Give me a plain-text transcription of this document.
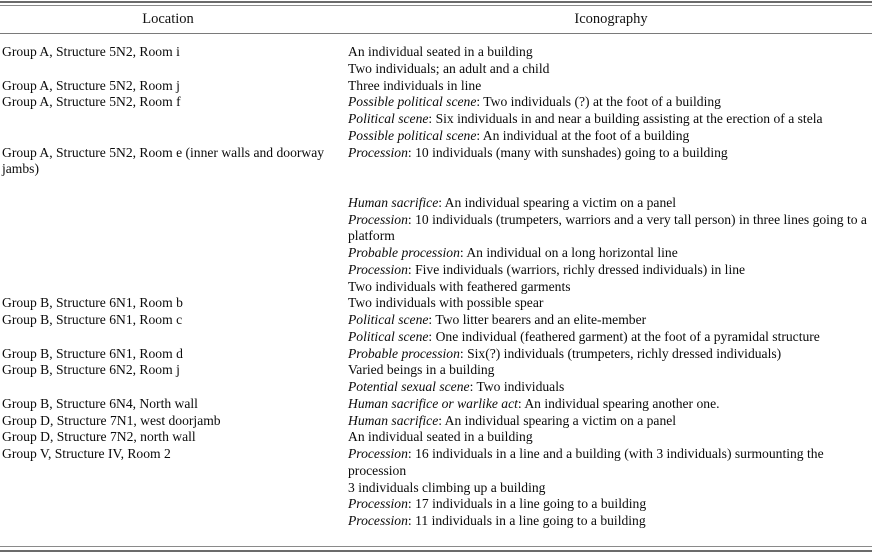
Location	Iconography
Group A, Structure 5N2, Room i	An individual seated in a building
Two individuals; an adult and a child
Group A, Structure 5N2, Room j	Three individuals in line
Group A, Structure 5N2, Room f	Possible political scene: Two individuals (?) at the foot of a building
Political scene: Six individuals in and near a building assisting at the erection of a stela
Possible political scene: An individual at the foot of a building
Group A, Structure 5N2, Room e (inner walls and doorway	Procession: 10 individuals (many with sunshades) going to a building
jambs)
Human sacrifice: An individual spearing a victim on a panel
Procession: 10 individuals (trumpeters, warriors and a very tall person) in three lines going to a
platform
Probable procession: An individual on a long horizontal line
Procession: Five individuals (warriors, richly dressed individuals) in line
Two individuals with feathered garments
Group B, Structure 6N1, Room b	Two individuals with possible spear
Group B, Structure 6N1, Room c	Political scene: Two litter bearers and an elite-member
Political scene: One individual (feathered garment) at the foot of a pyramidal structure
Group B, Structure 6N1, Room d	Probable procession: Six(?) individuals (trumpeters, richly dressed individuals)
Group B, Structure 6N2, Room j	Varied beings in a building
Potential sexual scene: Two individuals
Group B, Structure 6N4, North wall	Human sacrifice or warlike act: An individual spearing another one.
Group D, Structure 7N1, west doorjamb	Human sacrifice: An individual spearing a victim on a panel
Group D, Structure 7N2, north wall	An individual seated in a building
Group V, Structure IV, Room 2	Procession: 16 individuals in a line and a building (with 3 individuals) surmounting the
procession
3 individuals climbing up a building
Procession: 17 individuals in a line going to a building
Procession: 11 individuals in a line going to a building
